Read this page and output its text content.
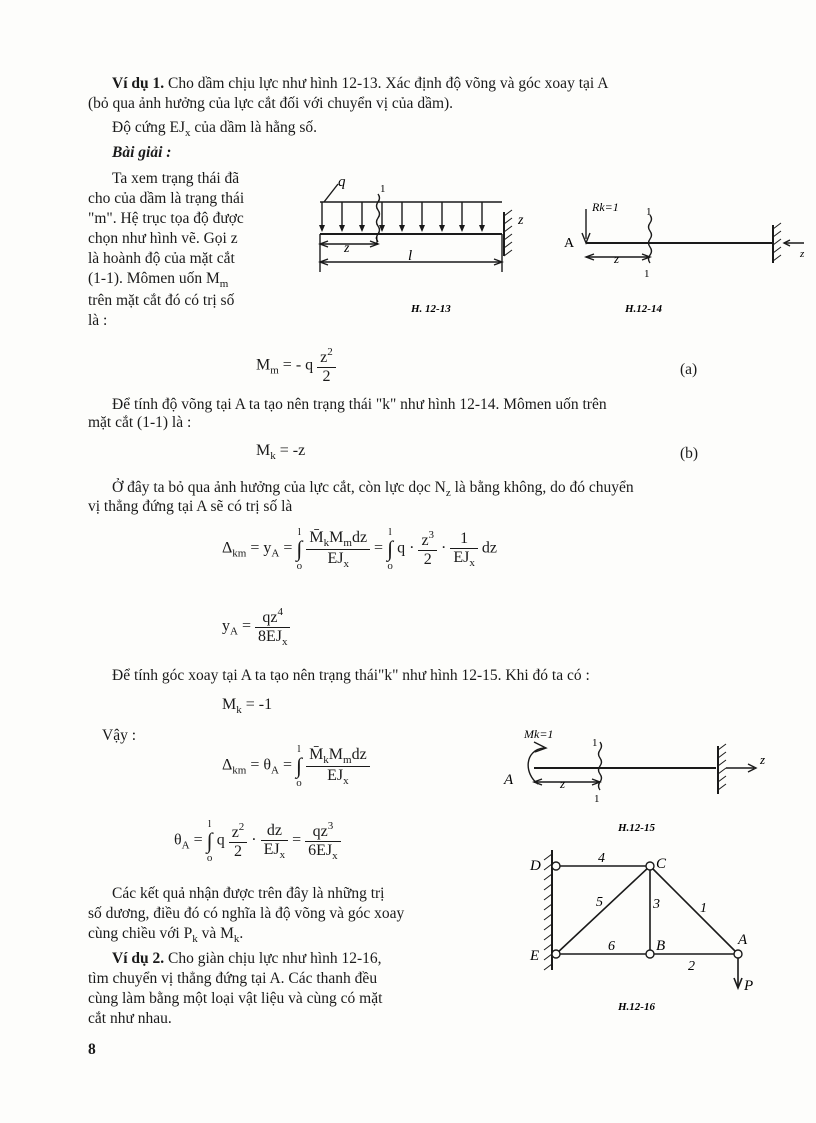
Ví dụ 1. Cho dầm chịu lực như hình 12-13. Xác định độ võng và góc xoay tại A
(bỏ qua ảnh hưởng của lực cắt đối với chuyển vị của dầm).
Độ cứng $EJ_x$ của dầm là hằng số.
Bài giải :
Ta xem trạng thái đã
cho của dầm là trạng thái
"m". Hệ trục tọa độ được
chọn như hình vẽ. Gọi z
là hoành độ của mặt cắt
(1-1). Mômen uốn $M_m$
trên mặt cắt đó có trị số
là :
q	1
1
z
z	l
H. 12-13
Rk=1
A
1
1
z
z
H.12-14
$M_m$ = - q $\frac{z^2}{2}$	(a)
Để tính độ võng tại A ta tạo nên trạng thái "k" như hình 12-14. Mômen uốn trên
mặt cắt (1-1) là :
$M_k = -z$	(b)
Ở đây ta bỏ qua ảnh hưởng của lực cắt, còn lực dọc $N_z$ là bằng không, do đó chuyển
vị thẳng đứng tại A sẽ có trị số là
$\Delta_{km} = y_A = l$
∫
o $\frac{M̄_kM_mdz}{EJ_x} = l$
∫
o $q \cdot \frac{z^3}{2} \cdot \frac{1}{EJ_x}$ dz
$y_A = \frac{qz^4}{8EJ_x}$
Để tính góc xoay tại A ta tạo nên trạng thái"k" như hình 12-15. Khi đó ta có :
$M_k = -1$
Vậy :
$\Delta_{km} = \theta_A = l$
∫
o $\frac{M̄_kM_mdz}{EJ_x}$
$\theta_A = l$
∫
o q $\frac{z^2}{2} \cdot \frac{dz}{EJ_x} = \frac{qz^3}{6EJ_x}$
Mk=1
A
1
1
z
z
H.12-15
Các kết quả nhận được trên đây là những trị
số dương, điều đó có nghĩa là độ võng và góc xoay
cùng chiều với $P_k$ và $M_k$.
Ví dụ 2. Cho giàn chịu lực như hình 12-16,
tìm chuyển vị thẳng đứng tại A. Các thanh đều
cùng làm bằng một loại vật liệu và cùng có mặt
cắt như nhau.
D	C
E
B	A
P
4
1
3
5
6
2
H.12-16
8
